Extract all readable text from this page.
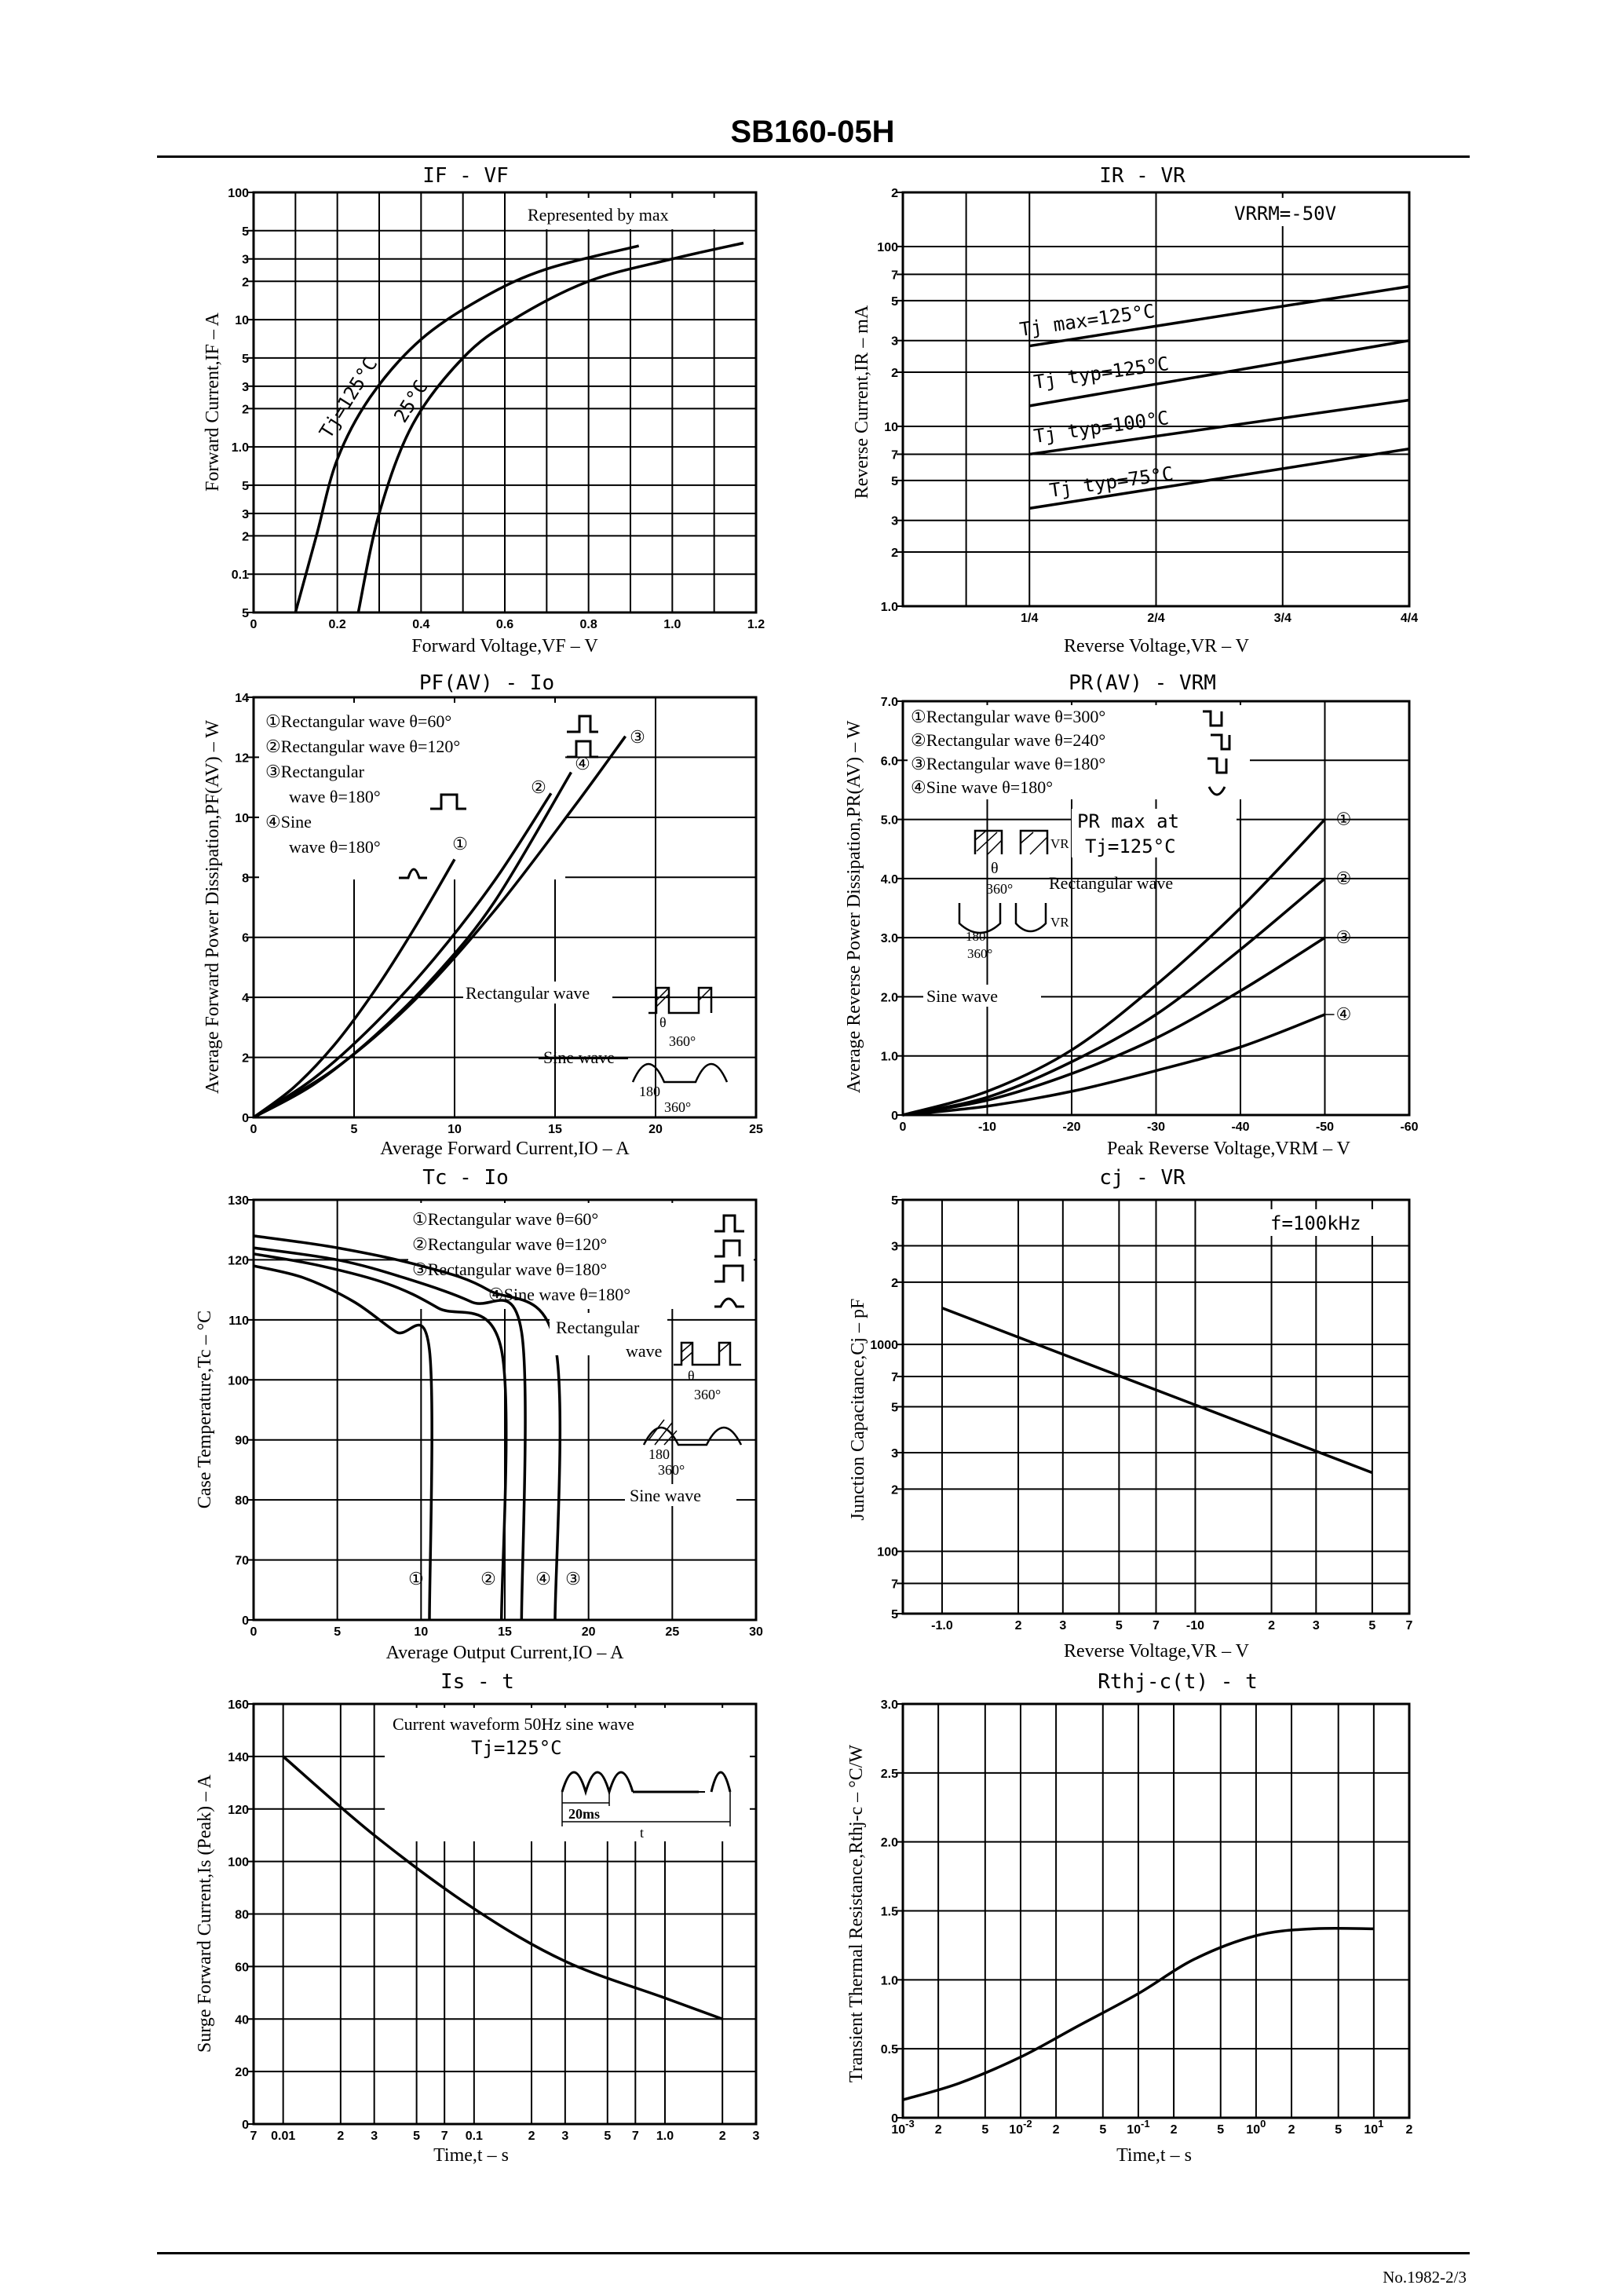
SB160-05H
No.1982-2/3
IF - VF
5
0.1
2
3
5
1.0
2
3
5
10
2
3
5
100
0	0.2	0.4	0.6	0.8	1.0	1.2
Represented by max
Tj=125°C 25°C
Forward Voltage,VF – V
Forward Current,IF – A
IR - VR
1.0
2
3
5
7
10
2
3
5
7
100
2
1/4	2/4	3/4	4/4
VRRM=-50V
Tj max=125°C
Tj typ=125°C
Tj typ=100°C
Tj typ=75°C
Reverse Voltage,VR – V
Reverse Current,IR – mA
PF(AV) - Io
0
2
4
6
8
10
12
14
0	5	10	15	20	25
①Rectangular wave θ=60°
②Rectangular wave θ=120°
③Rectangular
wave θ=180°
④Sine
wave θ=180°	①
②
④
③
Rectangular wave
θ
360°
Sine wave
180
360°
Average Forward Current,IO – A
Average Forward Power Dissipation,PF(AV) – W
PR(AV) - VRM
0
1.0
2.0
3.0
4.0
5.0
6.0
7.0
0	-10	-20	-30	-40	-50	-60
①Rectangular wave θ=300°
②Rectangular wave θ=240°
③Rectangular wave θ=180°
④Sine wave θ=180°
PR max at
Tj=125°C
VR
θ
360° Rectangular wave
VR
180
360°
Sine wave
①
②
③
④
Peak Reverse Voltage,VRM – V
Average Reverse Power Dissipation,PR(AV) – W
Tc - Io
0
70
80
90
100
110
120
130
0	5	10	15	20	25	30
①Rectangular wave θ=60°
②Rectangular wave θ=120°
③Rectangular wave θ=180°
④Sine wave θ=180°
Rectangular
wave
θ
360°
180
360°
Sine wave
①	② ④ ③
Average Output Current,IO – A
Case Temperature,Tc – °C
cj - VR
5
7
100
2
3
5
7
1000
2
3
5
-1.0	2	3	5 7 -10	2	3	5 7
f=100kHz
Reverse Voltage,VR – V
Junction Capacitance,Cj – pF
Is - t
0
20
40
60
80
100
120
140
160
7 0.01	2 3	5 7 0.1	2 3	5 7 1.0	2 3
Current waveform 50Hz sine wave
Tj=125°C
20ms
t
Time,t – s
Surge Forward Current,Is (Peak) – A
Rthj-c(t) - t
0
0.5
1.0
1.5
2.0
2.5
3.0
$10^{-3}$ 2	5 $10^{-2}$ 2	5 $10^{-1}$ 2	5 $10^0$ 2	5 $10^1$ 2
Time,t – s
Transient Thermal Resistance,Rthj-c – °C/W
